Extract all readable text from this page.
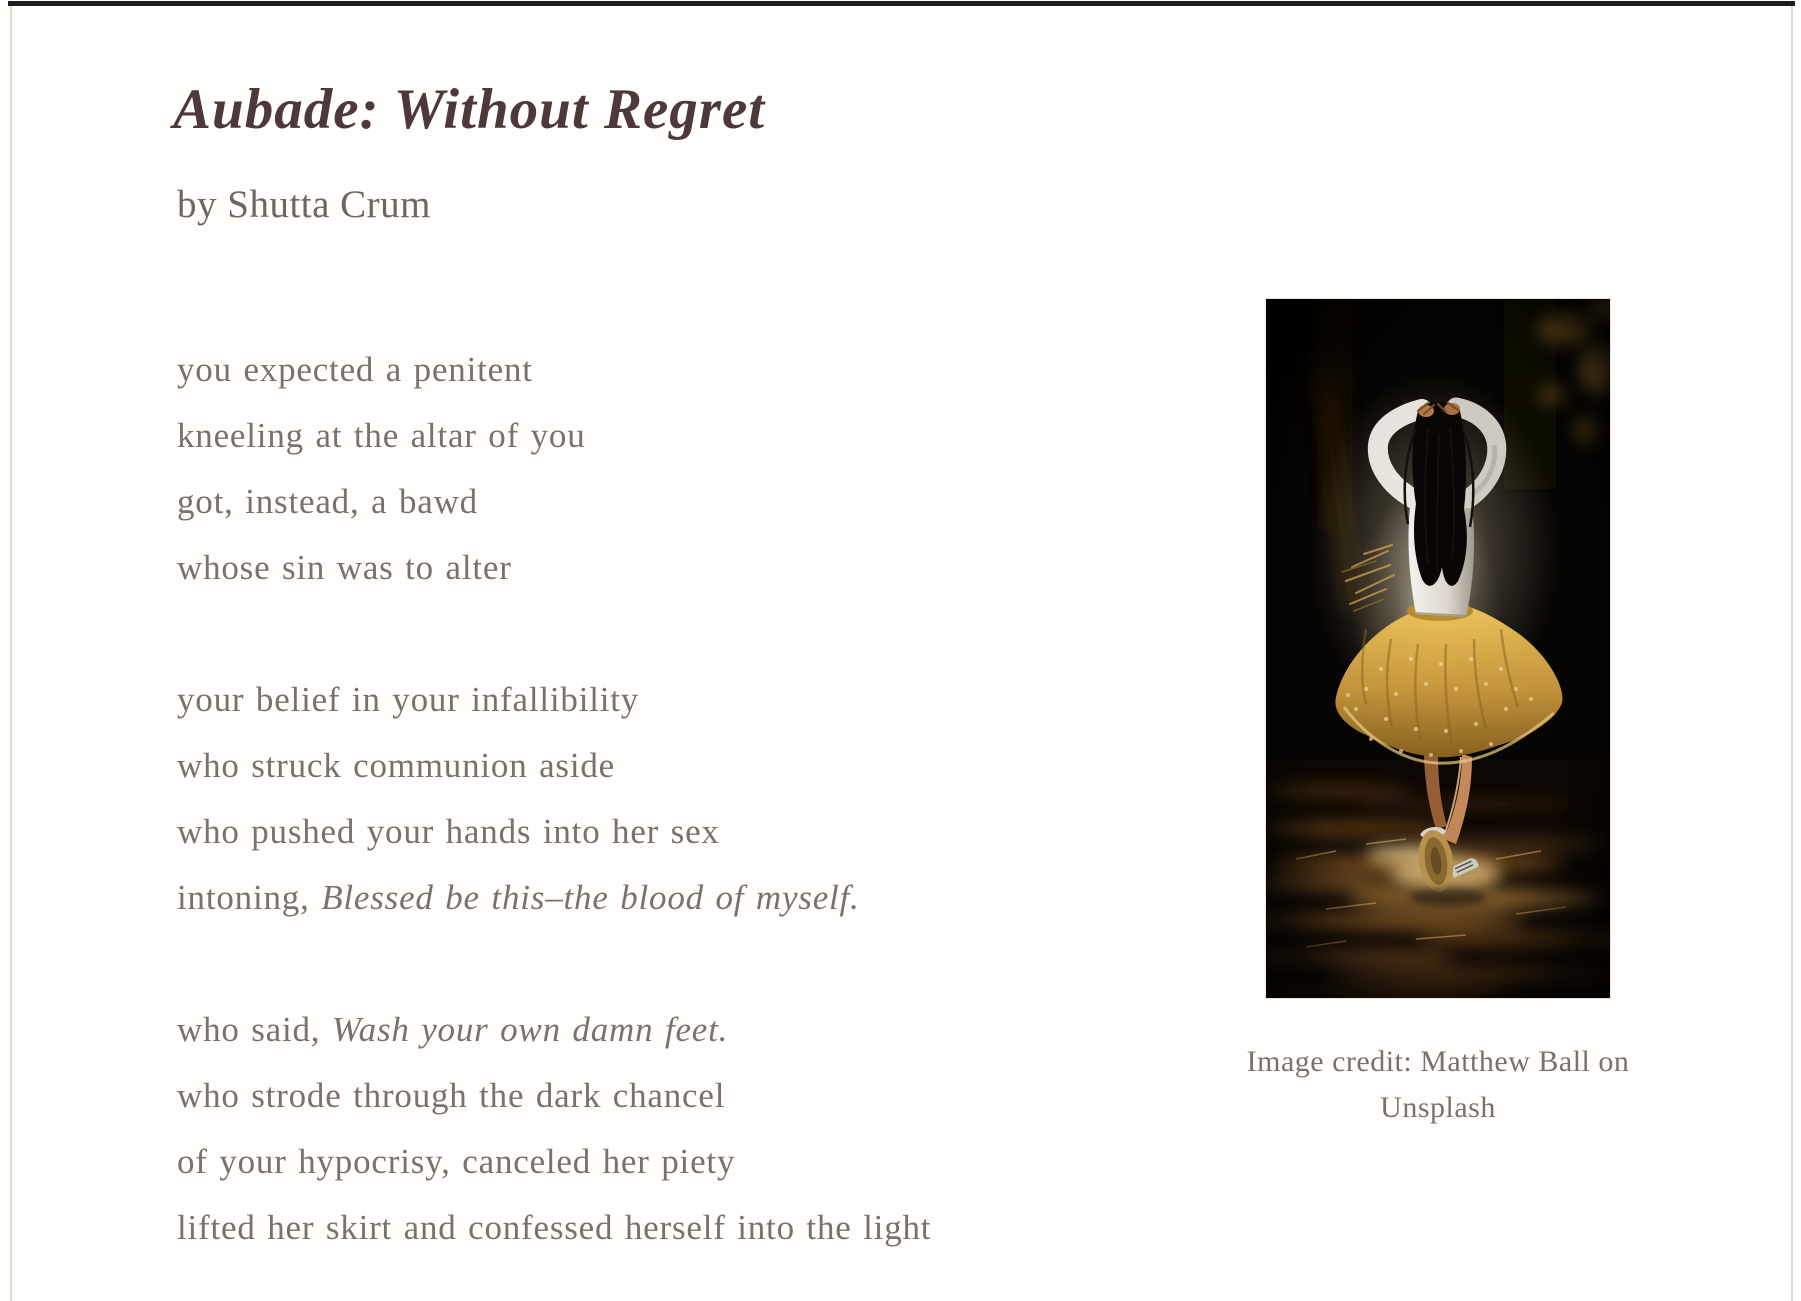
Aubade: Without Regret
by Shutta Crum
you expected a penitent
kneeling at the altar of you
got, instead, a bawd
whose sin was to alter
your belief in your infallibility
who struck communion aside
who pushed your hands into her sex
intoning, Blessed be this–the blood of myself.
who said, Wash your own damn feet.
who strode through the dark chancel
of your hypocrisy, canceled her piety
lifted her skirt and confessed herself into the light
Image credit: Matthew Ball on
Unsplash
